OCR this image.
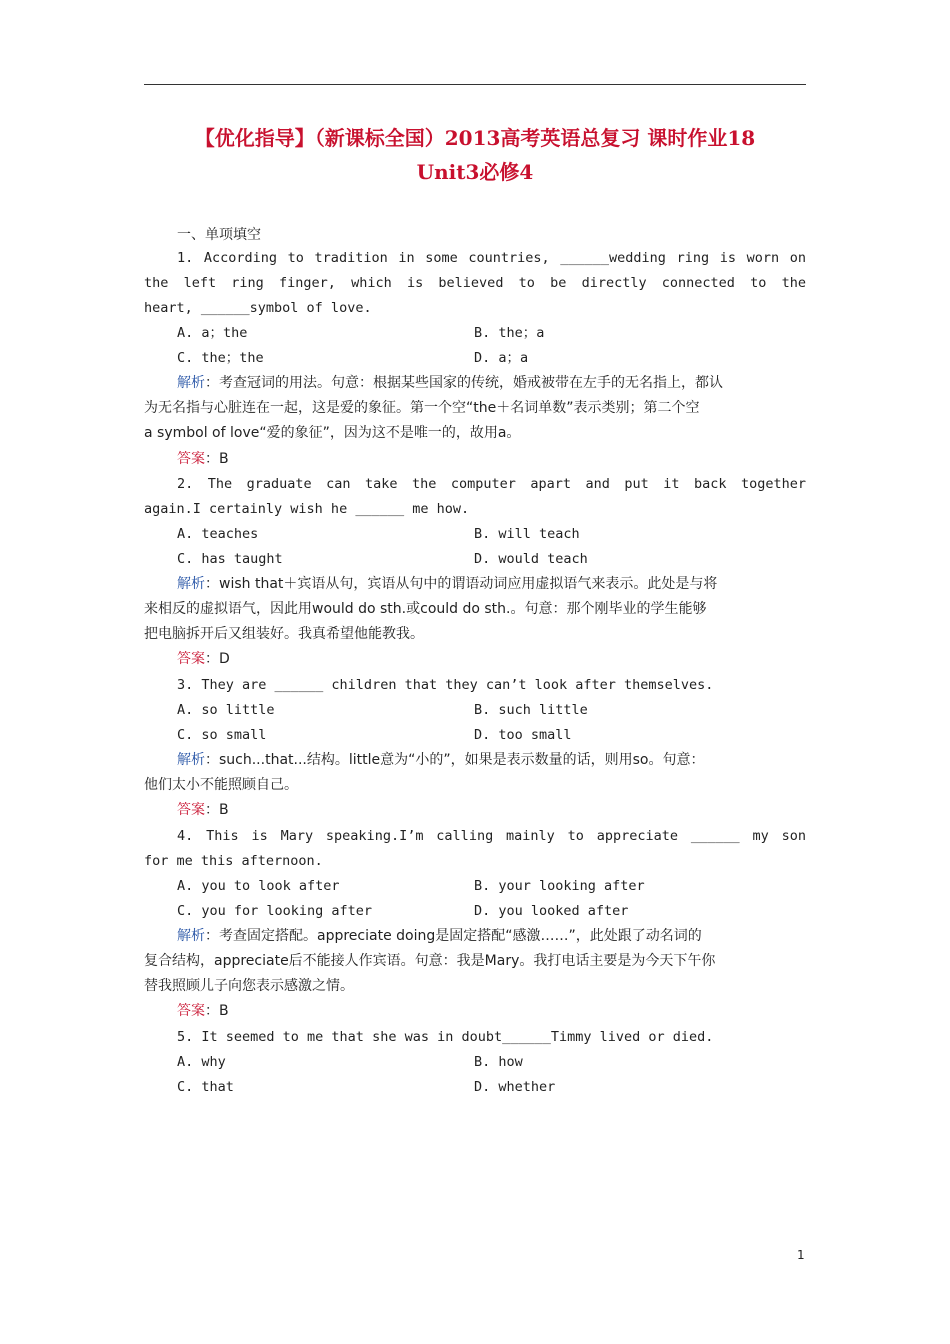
【优化指导】（新课标全国）2013高考英语总复习 课时作业18
Unit3必修4
一、单项填空
1. According to tradition in some countries, ______wedding ring is worn on
the left ring finger, which is believed to be directly connected to the
heart, ______symbol of love.
A. a；the	B. the；a
C. the；the	D. a；a
解析：考查冠词的用法。句意：根据某些国家的传统，婚戒被带在左手的无名指上，都认
为无名指与心脏连在一起，这是爱的象征。第一个空“the＋名词单数”表示类别；第二个空
a symbol of love“爱的象征”，因为这不是唯一的，故用a。
答案：B
2. The graduate can take the computer apart and put it back together
again.I certainly wish he ______ me how.
A. teaches	B. will teach
C. has taught	D. would teach
解析：wish that＋宾语从句，宾语从句中的谓语动词应用虚拟语气来表示。此处是与将
来相反的虚拟语气，因此用would do sth.或could do sth.。句意：那个刚毕业的学生能够
把电脑拆开后又组装好。我真希望他能教我。
答案：D
3. They are ______ children that they can’t look after themselves.
A. so little	B. such little
C. so small	D. too small
解析：such...that...结构。little意为“小的”，如果是表示数量的话，则用so。句意：
他们太小不能照顾自己。
答案：B
4. This is Mary speaking.I’m calling mainly to appreciate ______ my son
for me this afternoon.
A. you to look after	B. your looking after
C. you for looking after	D. you looked after
解析：考查固定搭配。appreciate doing是固定搭配“感激……”，此处跟了动名词的
复合结构，appreciate后不能接人作宾语。句意：我是Mary。我打电话主要是为今天下午你
替我照顾儿子向您表示感激之情。
答案：B
5. It seemed to me that she was in doubt______Timmy lived or died.
A. why	B. how
C. that	D. whether
1
